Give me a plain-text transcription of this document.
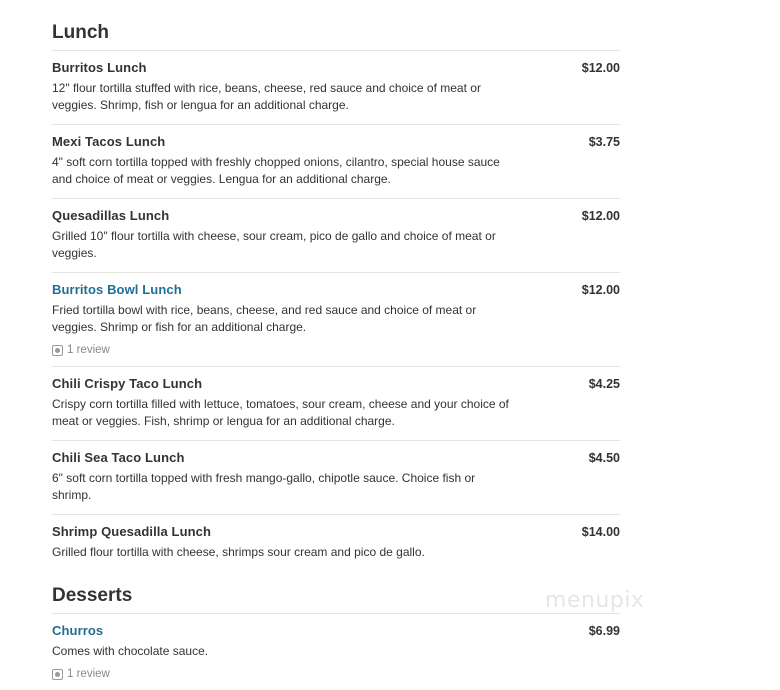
Lunch
Burritos Lunch	$12.00
12" flour tortilla stuffed with rice, beans, cheese, red sauce and choice of meat or veggies. Shrimp, fish or lengua for an additional charge.
Mexi Tacos Lunch	$3.75
4" soft corn tortilla topped with freshly chopped onions, cilantro, special house sauce and choice of meat or veggies. Lengua for an additional charge.
Quesadillas Lunch	$12.00
Grilled 10" flour tortilla with cheese, sour cream, pico de gallo and choice of meat or veggies.
Burritos Bowl Lunch	$12.00
Fried tortilla bowl with rice, beans, cheese, and red sauce and choice of meat or veggies. Shrimp or fish for an additional charge.
1 review
Chili Crispy Taco Lunch	$4.25
Crispy corn tortilla filled with lettuce, tomatoes, sour cream, cheese and your choice of meat or veggies. Fish, shrimp or lengua for an additional charge.
Chili Sea Taco Lunch	$4.50
6" soft corn tortilla topped with fresh mango-gallo, chipotle sauce. Choice fish or shrimp.
Shrimp Quesadilla Lunch	$14.00
Grilled flour tortilla with cheese, shrimps sour cream and pico de gallo.
Desserts
Churros	$6.99
Comes with chocolate sauce.
1 review
menupix
